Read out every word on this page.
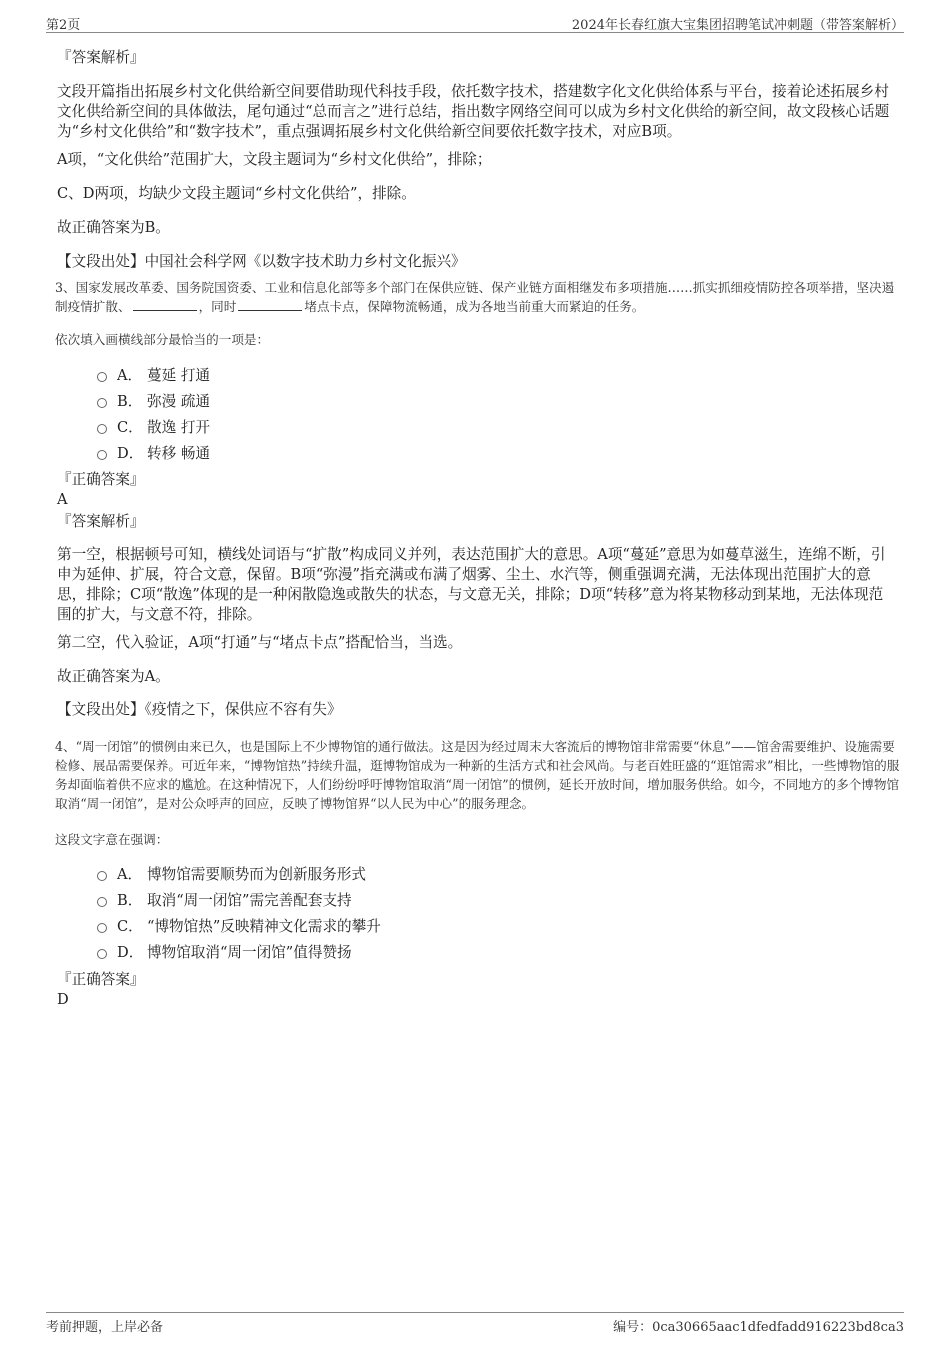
第2页	2024年长春红旗大宝集团招聘笔试冲刺题（带答案解析）
『答案解析』
文段开篇指出拓展乡村文化供给新空间要借助现代科技手段，依托数字技术，搭建数字化文化供给体系与平台，接着论述拓展乡村文化供给新空间的具体做法，尾句通过“总而言之”进行总结，指出数字网络空间可以成为乡村文化供给的新空间，故文段核心话题为“乡村文化供给”和“数字技术”，重点强调拓展乡村文化供给新空间要依托数字技术，对应B项。
A项，“文化供给”范围扩大，文段主题词为“乡村文化供给”，排除；
C、D两项，均缺少文段主题词“乡村文化供给”，排除。
故正确答案为B。
【文段出处】中国社会科学网《以数字技术助力乡村文化振兴》
3、国家发展改革委、国务院国资委、工业和信息化部等多个部门在保供应链、保产业链方面相继发布多项措施……抓实抓细疫情防控各项举措，坚决遏制疫情扩散、	，同时	堵点卡点，保障物流畅通，成为各地当前重大而紧迫的任务。
依次填入画横线部分最恰当的一项是：
A． 蔓延 打通
B． 弥漫 疏通
C． 散逸 打开
D． 转移 畅通
『正确答案』
A
『答案解析』
第一空，根据顿号可知，横线处词语与“扩散”构成同义并列，表达范围扩大的意思。A项“蔓延”意思为如蔓草滋生，连绵不断，引申为延伸、扩展，符合文意，保留。B项“弥漫”指充满或布满了烟雾、尘土、水汽等，侧重强调充满，无法体现出范围扩大的意思，排除；C项“散逸”体现的是一种闲散隐逸或散失的状态，与文意无关，排除；D项“转移”意为将某物移动到某地，无法体现范围的扩大，与文意不符，排除。
第二空，代入验证，A项“打通”与“堵点卡点”搭配恰当，当选。
故正确答案为A。
【文段出处】《疫情之下，保供应不容有失》
4、“周一闭馆”的惯例由来已久，也是国际上不少博物馆的通行做法。这是因为经过周末大客流后的博物馆非常需要“休息”——馆舍需要维护、设施需要检修、展品需要保养。可近年来，“博物馆热”持续升温，逛博物馆成为一种新的生活方式和社会风尚。与老百姓旺盛的“逛馆需求”相比，一些博物馆的服务却面临着供不应求的尴尬。在这种情况下，人们纷纷呼吁博物馆取消“周一闭馆”的惯例，延长开放时间，增加服务供给。如今，不同地方的多个博物馆取消“周一闭馆”，是对公众呼声的回应，反映了博物馆界“以人民为中心”的服务理念。
这段文字意在强调：
A． 博物馆需要顺势而为创新服务形式
B． 取消“周一闭馆”需完善配套支持
C． “博物馆热”反映精神文化需求的攀升
D． 博物馆取消“周一闭馆”值得赞扬
『正确答案』
D
考前押题，上岸必备	编号：0ca30665aac1dfedfadd916223bd8ca3
